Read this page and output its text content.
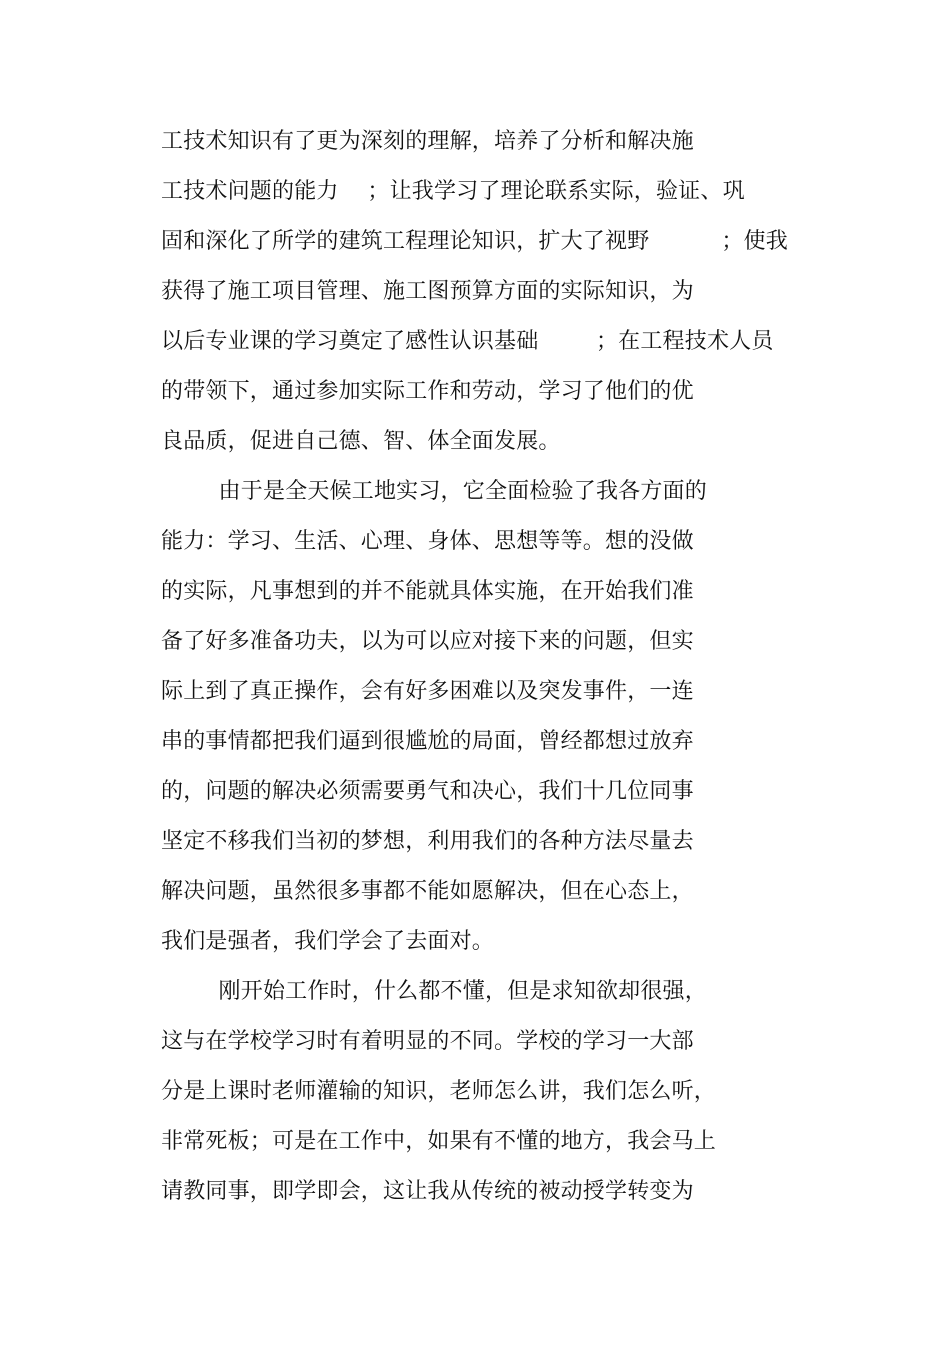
工技术知识有了更为深刻的理解，培养了分析和解决施
工技术问题的能力    ；让我学习了理论联系实际，验证、巩
固和深化了所学的建筑工程理论知识，扩大了视野          ；使我
获得了施工项目管理、施工图预算方面的实际知识，为
以后专业课的学习奠定了感性认识基础        ；在工程技术人员
的带领下，通过参加实际工作和劳动，学习了他们的优
良品质，促进自己德、智、体全面发展。
由于是全天候工地实习，它全面检验了我各方面的
能力：学习、生活、心理、身体、思想等等。想的没做
的实际，凡事想到的并不能就具体实施，在开始我们准
备了好多准备功夫，以为可以应对接下来的问题，但实
际上到了真正操作，会有好多困难以及突发事件，一连
串的事情都把我们逼到很尴尬的局面，曾经都想过放弃
的，问题的解决必须需要勇气和决心，我们十几位同事
坚定不移我们当初的梦想，利用我们的各种方法尽量去
解决问题，虽然很多事都不能如愿解决，但在心态上，
我们是强者，我们学会了去面对。
刚开始工作时，什么都不懂，但是求知欲却很强，
这与在学校学习时有着明显的不同。学校的学习一大部
分是上课时老师灌输的知识，老师怎么讲，我们怎么听，
非常死板；可是在工作中，如果有不懂的地方，我会马上
请教同事，即学即会，这让我从传统的被动授学转变为
